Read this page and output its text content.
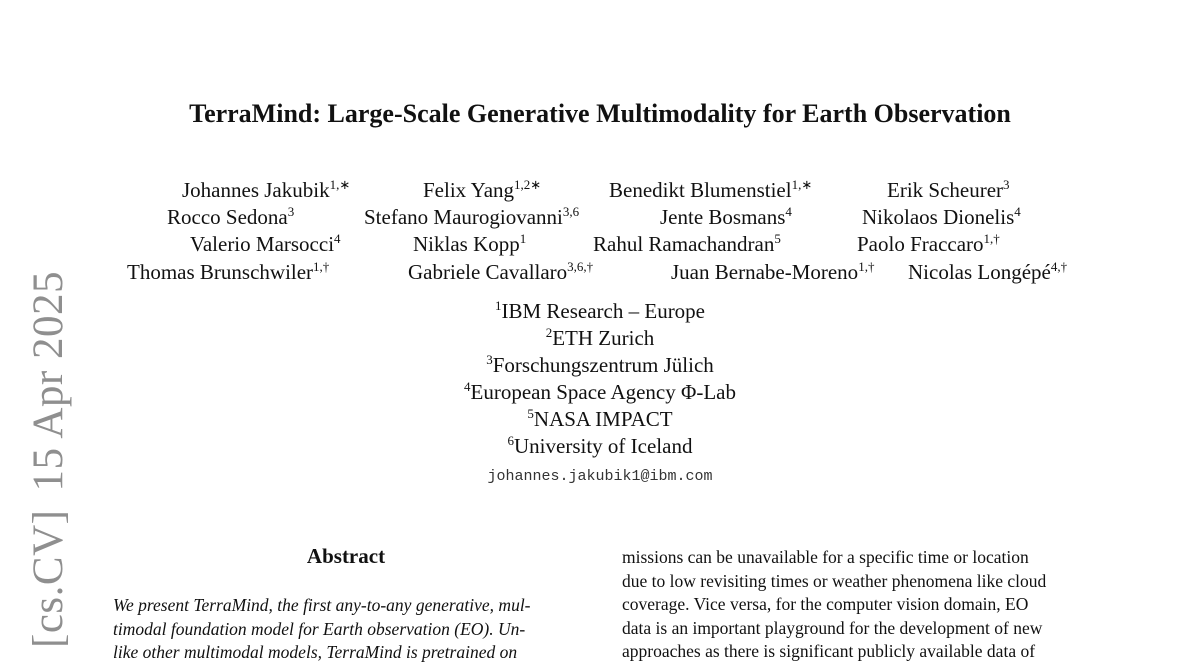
[cs.CV]15 Apr 2025
TerraMind: Large-Scale Generative Multimodality for Earth Observation
Johannes Jakubik$^{1,∗}$	Felix Yang$^{1,2∗}$	Benedikt Blumenstiel$^{1,∗}$	Erik Scheurer$^3$
Rocco Sedona$^3$	Stefano Maurogiovanni$^{3,6}$	Jente Bosmans$^4$	Nikolaos Dionelis$^4$
Valerio Marsocci$^4$	Niklas Kopp$^1$	Rahul Ramachandran$^5$	Paolo Fraccaro$^{1,\dagger}$
Thomas Brunschwiler$^{1,\dagger}$	Gabriele Cavallaro$^{3,6,\dagger}$	Juan Bernabe-Moreno$^{1,\dagger}$ Nicolas Longépé$^{4,\dagger}$
$^1$IBM Research – Europe
$^2$ETH Zurich
$^3$Forschungszentrum Jülich
$^4$European Space Agency Φ-Lab
$^5$NASA IMPACT
$^6$University of Iceland
johannes.jakubik1@ibm.com
Abstract
We present TerraMind, the first any-to-any generative, mul-
timodal foundation model for Earth observation (EO). Un-
like other multimodal models, TerraMind is pretrained on
missions can be unavailable for a specific time or location
due to low revisiting times or weather phenomena like cloud
coverage. Vice versa, for the computer vision domain, EO
data is an important playground for the development of new
approaches as there is significant publicly available data of
